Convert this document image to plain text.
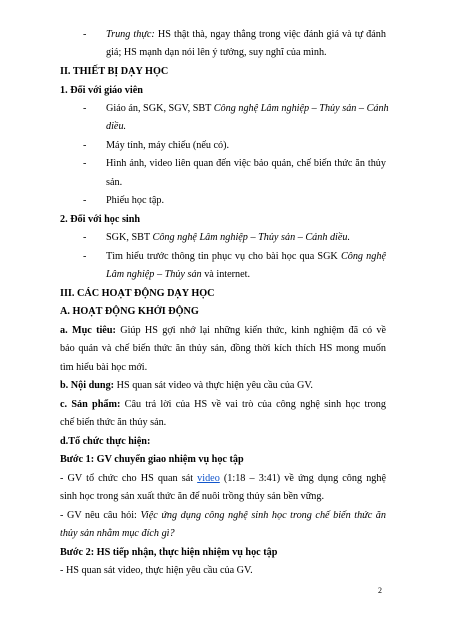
- Trung thực: HS thật thà, ngay thẳng trong việc đánh giá và tự đánh
giá; HS mạnh dạn nói lên ý tưởng, suy nghĩ của mình.
II. THIẾT BỊ DẠY HỌC
1. Đối với giáo viên
- Giáo án, SGK, SGV, SBT Công nghệ Lâm nghiệp – Thủy sản – Cánh
diều.
- Máy tính, máy chiếu (nếu có).
- Hình ảnh, video liên quan đến việc bảo quản, chế biến thức ăn thủy
sản.
- Phiếu học tập.
2. Đối với học sinh
- SGK, SBT Công nghệ Lâm nghiệp – Thủy sản – Cánh diều.
- Tìm hiểu trước thông tin phục vụ cho bài học qua SGK Công nghệ
Lâm nghiệp – Thủy sản và internet.
III. CÁC HOẠT ĐỘNG DẠY HỌC
A. HOẠT ĐỘNG KHỞI ĐỘNG
a. Mục tiêu: Giúp HS gợi nhớ lại những kiến thức, kinh nghiệm đã có về
bảo quản và chế biến thức ăn thủy sản, đồng thời kích thích HS mong muốn
tìm hiểu bài học mới.
b. Nội dung: HS quan sát video và thực hiện yêu cầu của GV.
c. Sản phẩm: Câu trả lời của HS về vai trò của công nghệ sinh học trong
chế biến thức ăn thủy sản.
d.Tổ chức thực hiện:
Bước 1: GV chuyển giao nhiệm vụ học tập
- GV tổ chức cho HS quan sát video (1:18 – 3:41) về ứng dụng công nghệ
sinh học trong sản xuất thức ăn để nuôi trồng thủy sản bền vững.
- GV nêu câu hỏi: Việc ứng dụng công nghệ sinh học trong chế biến thức ăn
thủy sản nhằm mục đích gì?
Bước 2: HS tiếp nhận, thực hiện nhiệm vụ học tập
- HS quan sát video, thực hiện yêu cầu của GV.
2
